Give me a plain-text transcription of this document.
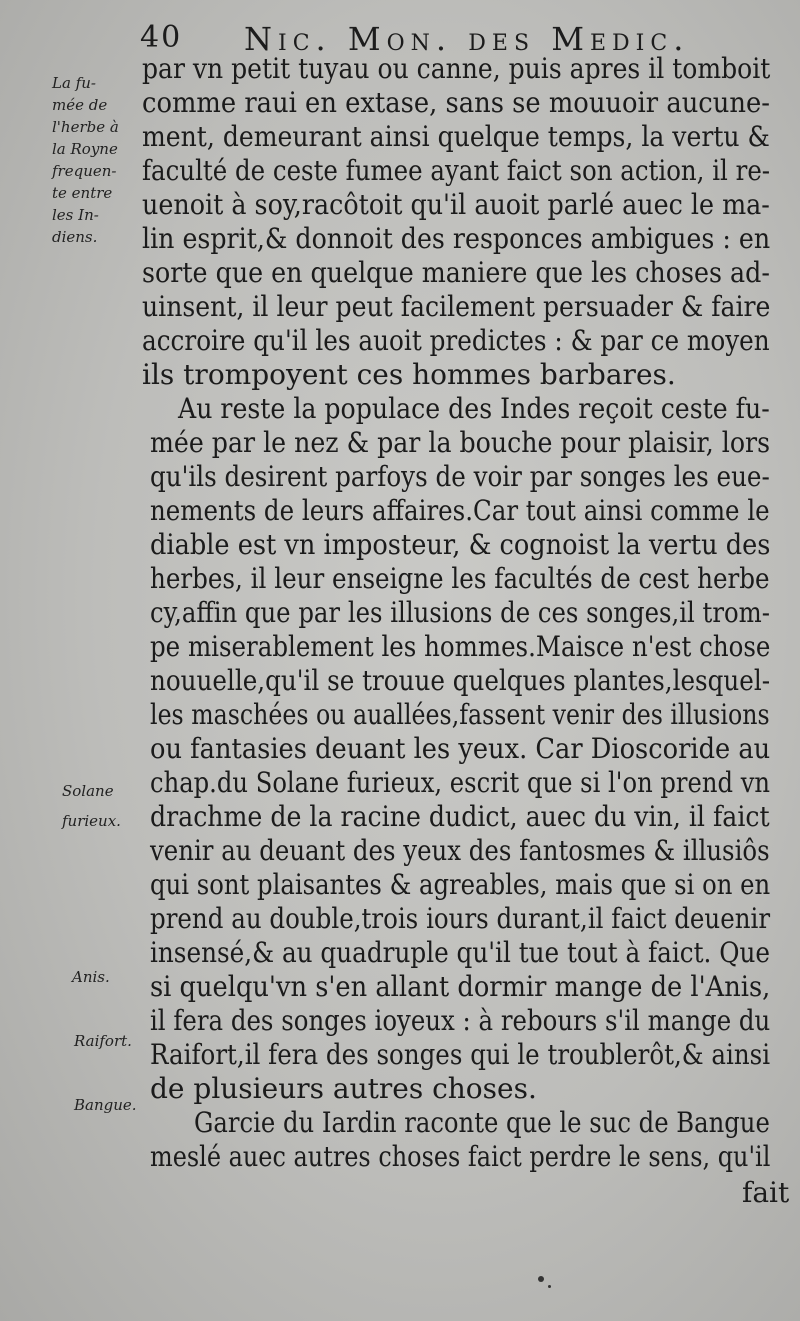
40 Nic. Mon. des Medic.
La fu-
mée de
l'herbe à
la Royne
frequen-
te entre
les In-
diens.
Solane
furieux.
Anis.
Raifort.
Bangue.
par vn petit tuyau ou canne, puis apres il tomboit
comme raui en extase, sans se mouuoir aucune-
ment, demeurant ainsi quelque temps, la vertu &
faculté de ceste fumee ayant faict son action, il re-
uenoit à soy,racôtoit qu'il auoit parlé auec le ma-
lin esprit,& donnoit des responces ambigues : en
sorte que en quelque maniere que les choses ad-
uinsent, il leur peut facilement persuader & faire
accroire qu'il les auoit predictes : & par ce moyen
ils trompoyent ces hommes barbares.
Au reste la populace des Indes reçoit ceste fu-
mée par le nez & par la bouche pour plaisir, lors
qu'ils desirent parfoys de voir par songes les eue-
nements de leurs affaires.Car tout ainsi comme le
diable est vn imposteur, & cognoist la vertu des
herbes, il leur enseigne les facultés de cest herbe
cy,affin que par les illusions de ces songes,il trom-
pe miserablement les hommes.Maisce n'est chose
nouuelle,qu'il se trouue quelques plantes,lesquel-
les maschées ou auallées,fassent venir des illusions
ou fantasies deuant les yeux. Car Dioscoride au
chap.du Solane furieux, escrit que si l'on prend vn
drachme de la racine dudict, auec du vin, il faict
venir au deuant des yeux des fantosmes & illusiôs
qui sont plaisantes & agreables, mais que si on en
prend au double,trois iours durant,il faict deuenir
insensé,& au quadruple qu'il tue tout à faict. Que
si quelqu'vn s'en allant dormir mange de l'Anis,
il fera des songes ioyeux : à rebours s'il mange du
Raifort,il fera des songes qui le troublerôt,& ainsi
de plusieurs autres choses.
Garcie du Iardin raconte que le suc de Bangue
meslé auec autres choses faict perdre le sens, qu'il
fait
